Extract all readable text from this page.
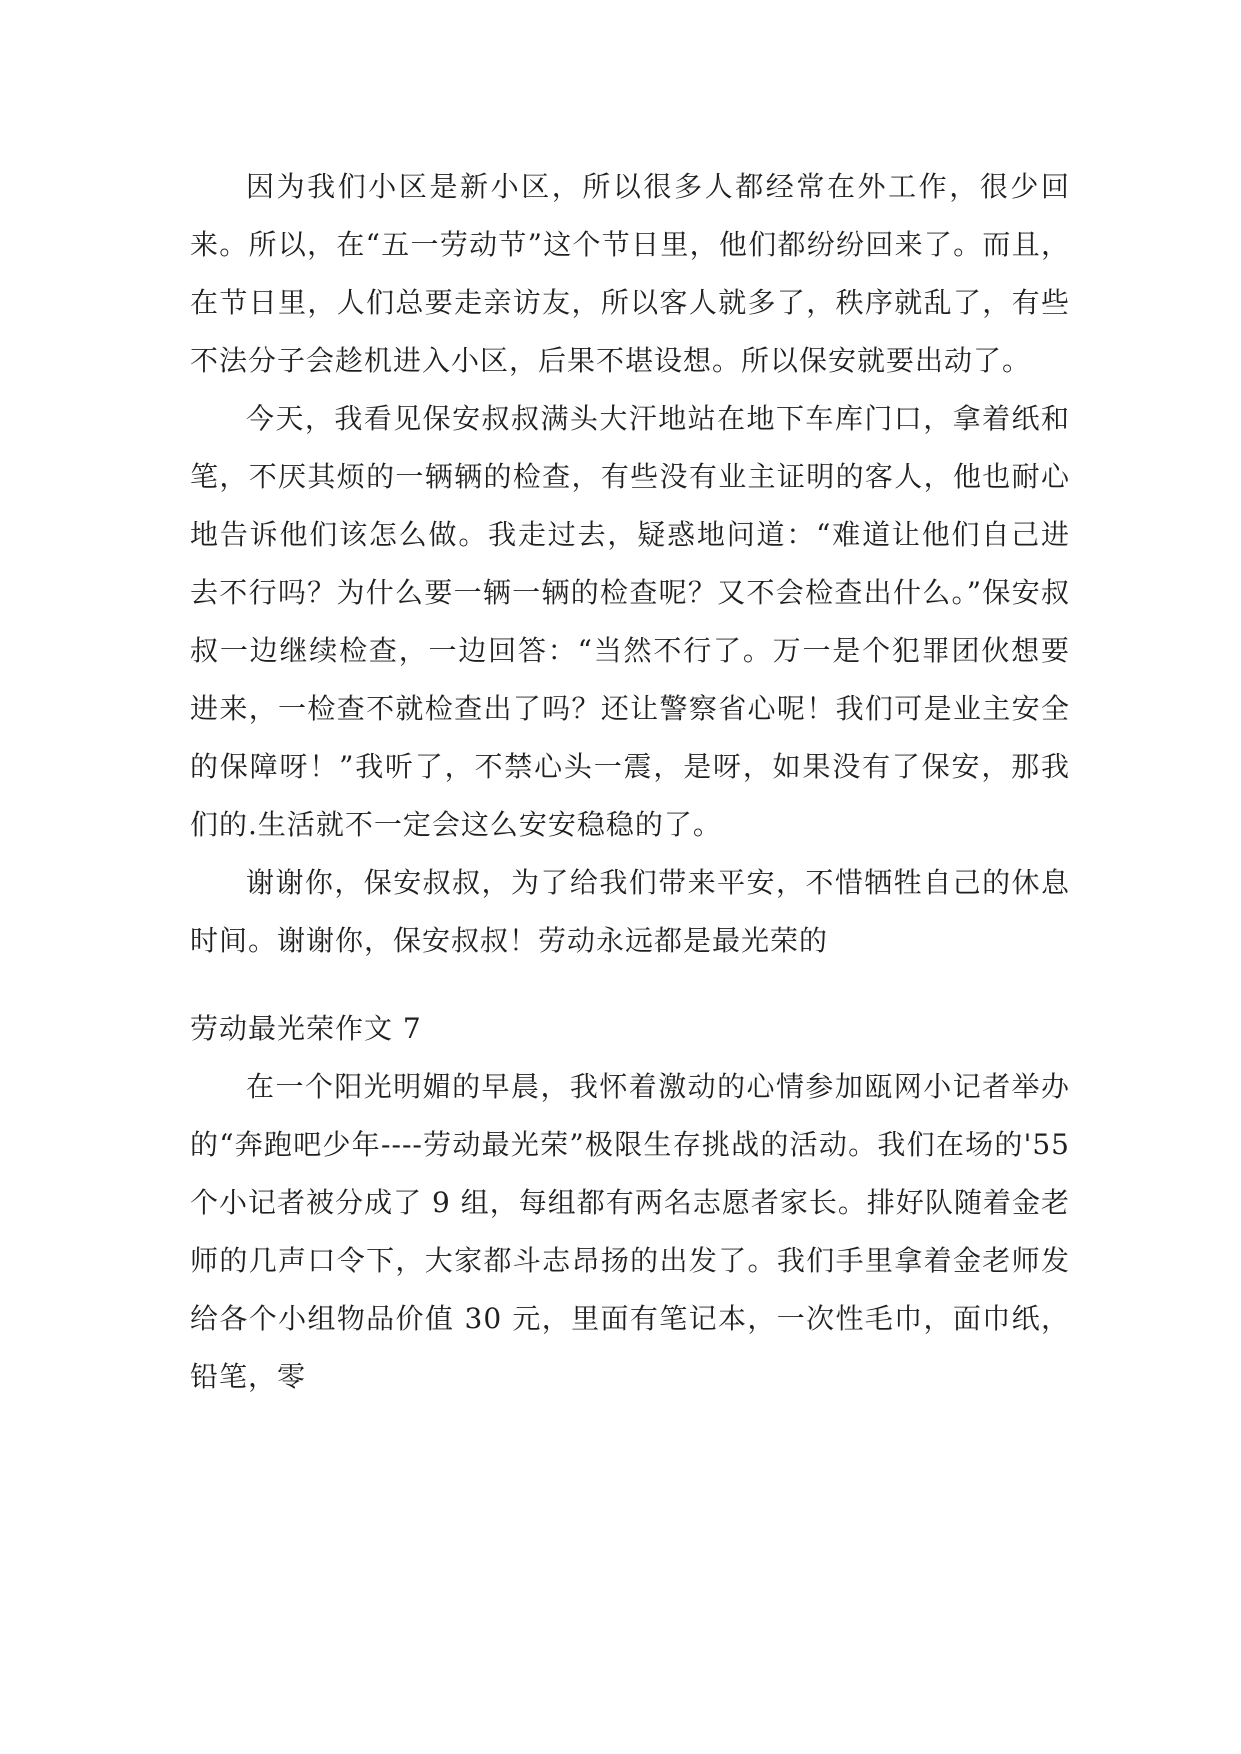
因为我们小区是新小区，所以很多人都经常在外工作，很少回来。所以，在“五一劳动节”这个节日里，他们都纷纷回来了。而且，在节日里，人们总要走亲访友，所以客人就多了，秩序就乱了，有些不法分子会趁机进入小区，后果不堪设想。所以保安就要出动了。

今天，我看见保安叔叔满头大汗地站在地下车库门口，拿着纸和笔，不厌其烦的一辆辆的检查，有些没有业主证明的客人，他也耐心地告诉他们该怎么做。我走过去，疑惑地问道：“难道让他们自己进去不行吗？为什么要一辆一辆的检查呢？又不会检查出什么。”保安叔叔一边继续检查，一边回答：“当然不行了。万一是个犯罪团伙想要进来，一检查不就检查出了吗？还让警察省心呢！我们可是业主安全的保障呀！”我听了，不禁心头一震，是呀，如果没有了保安，那我们的.生活就不一定会这么安安稳稳的了。

谢谢你，保安叔叔，为了给我们带来平安，不惜牺牲自己的休息时间。谢谢你，保安叔叔！劳动永远都是最光荣的

劳动最光荣作文 7

在一个阳光明媚的早晨，我怀着激动的心情参加瓯网小记者举办的“奔跑吧少年----劳动最光荣”极限生存挑战的活动。我们在场的'55 个小记者被分成了 9 组，每组都有两名志愿者家长。排好队随着金老师的几声口令下，大家都斗志昂扬的出发了。我们手里拿着金老师发给各个小组物品价值 30 元，里面有笔记本，一次性毛巾，面巾纸，铅笔，零
